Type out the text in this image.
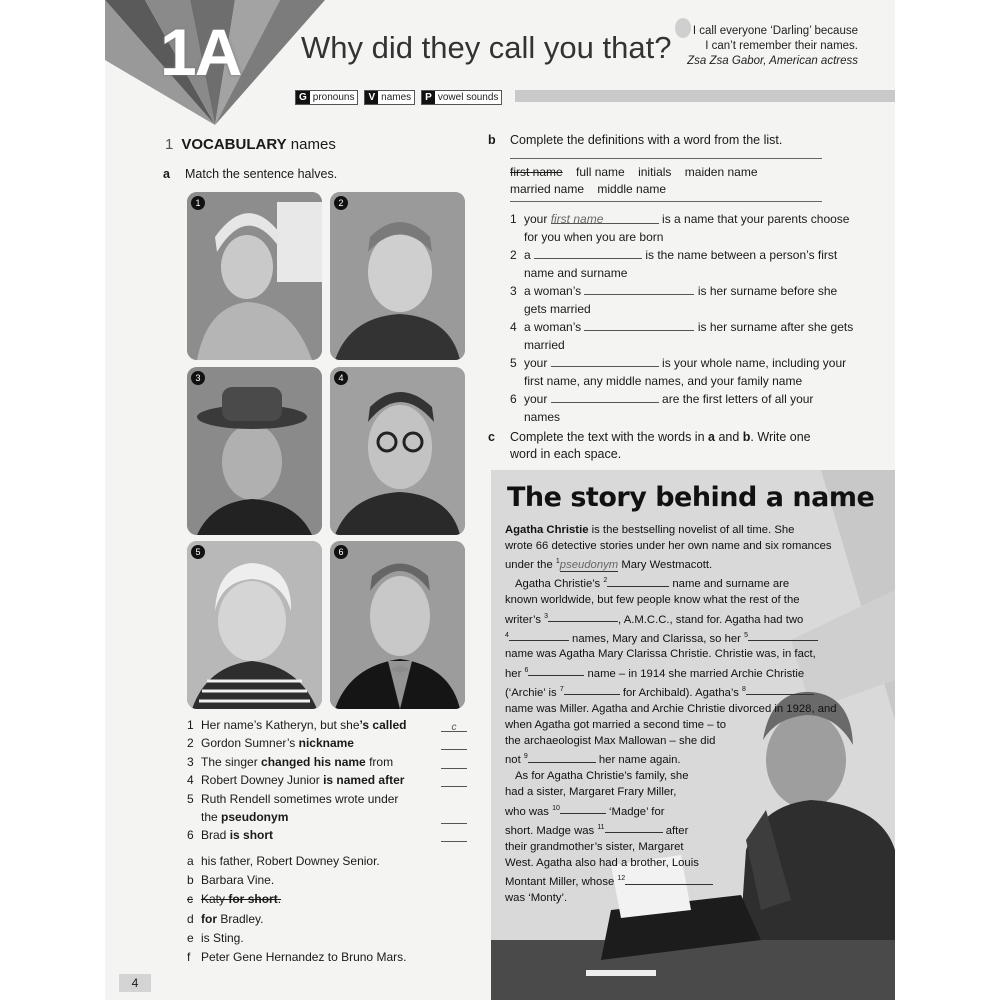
1A Why did they call you that?	I call everyone ‘Darling’ because
I can’t remember their names.
Zsa Zsa Gabor, American actress
G pronouns	V names	P vowel sounds
1 VOCABULARY names
a Match the sentence halves.
1	2
3	4
5	6
1 Her name’s Katheryn, but she’s called	c
2 Gordon Sumner’s nickname
3 The singer changed his name from
4 Robert Downey Junior is named after
5 Ruth Rendell sometimes wrote under
the pseudonym
6 Brad is short
a his father, Robert Downey Senior.
b Barbara Vine.
c Katy for short.
d for Bradley.
e is Sting.
f Peter Gene Hernandez to Bruno Mars.
b Complete the definitions with a word from the list.
first name full name initials maiden name
married name middle name
1 your first name	is a name that your parents choose
for you when you are born
2 a	is the name between a person’s first
name and surname
3 a woman’s	is her surname before she
gets married
4 a woman’s	is her surname after she gets
married
5 your	is your whole name, including your
first name, any middle names, and your family name
6 your	are the first letters of all your
names
c Complete the text with the words in a and b. Write one
word in each space.
The story behind a name

Agatha Christie is the bestselling novelist of all time. She

wrote 66 detective stories under her own name and six romances

under the $^1$pseudonym Mary Westmacott.

Agatha Christie’s $^2$	name and surname are

known worldwide, but few people know what the rest of the

writer’s $^3$	, A.M.C.C., stand for. Agatha had two

$^4$	names, Mary and Clarissa, so her $^5$

name was Agatha Mary Clarissa Christie. Christie was, in fact,

her $^6$	name – in 1914 she married Archie Christie

(‘Archie’ is $^7$	for Archibald). Agatha’s $^8$

name was Miller. Agatha and Archie Christie divorced in 1928, and

when Agatha got married a second time – to

the archaeologist Max Mallowan – she did

not $^9$	her name again.

As for Agatha Christie’s family, she

had a sister, Margaret Frary Miller,

who was $^{10}$	‘Madge’ for

short. Madge was $^{11}$	after

their grandmother’s sister, Margaret

West. Agatha also had a brother, Louis

Montant Miller, whose $^{12}$

was ‘Monty’.

4
